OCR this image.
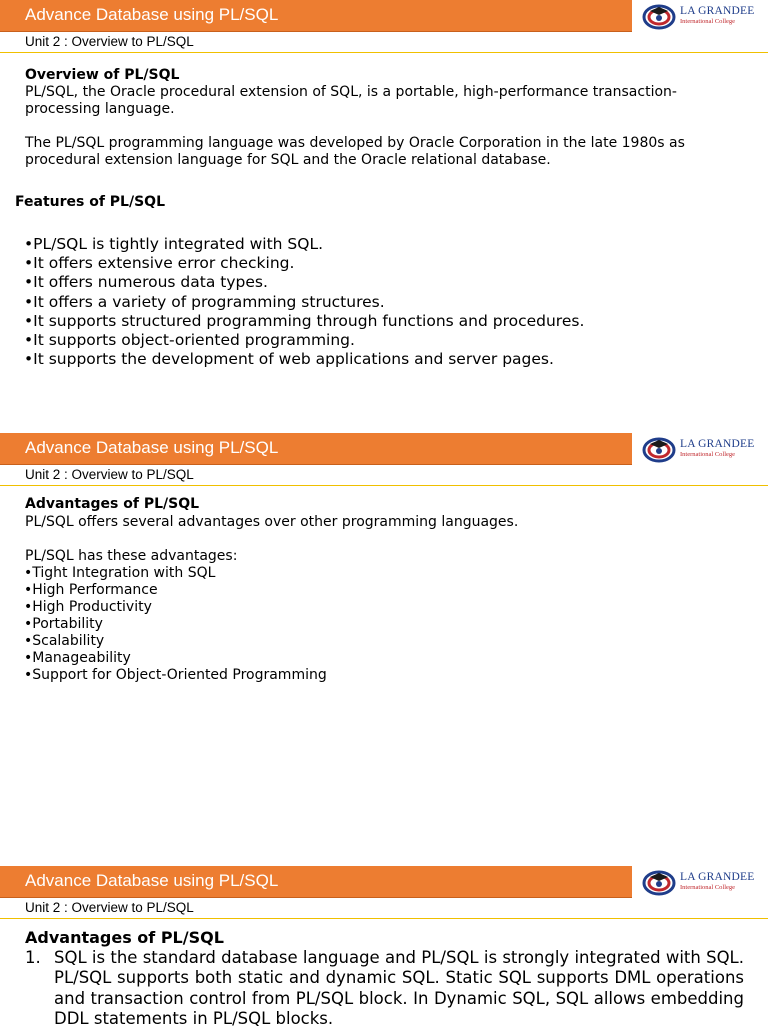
Advance Database using PL/SQL	LA GRANDEE
International College
Unit 2 : Overview to PL/SQL

Overview of PL/SQL

PL/SQL, the Oracle procedural extension of SQL, is a portable, high-performance transaction-processing language.

The PL/SQL programming language was developed by Oracle Corporation in the late 1980s as procedural extension language for SQL and the Oracle relational database.

Features of PL/SQL

•PL/SQL is tightly integrated with SQL.
•It offers extensive error checking.
•It offers numerous data types.
•It offers a variety of programming structures.
•It supports structured programming through functions and procedures.
•It supports object-oriented programming.
•It supports the development of web applications and server pages.
Advance Database using PL/SQL	LA GRANDEE
International College
Unit 2 : Overview to PL/SQL

Advantages of PL/SQL

PL/SQL offers several advantages over other programming languages.

PL/SQL has these advantages:

•Tight Integration with SQL
•High Performance
•High Productivity
•Portability
•Scalability
•Manageability
•Support for Object-Oriented Programming
Advance Database using PL/SQL	LA GRANDEE
International College
Unit 2 : Overview to PL/SQL

Advantages of PL/SQL

1. SQL is the standard database language and PL/SQL is strongly integrated with SQL. PL/SQL supports both static and dynamic SQL. Static SQL supports DML operations and transaction control from PL/SQL block. In Dynamic SQL, SQL allows embedding DDL statements in PL/SQL blocks.
